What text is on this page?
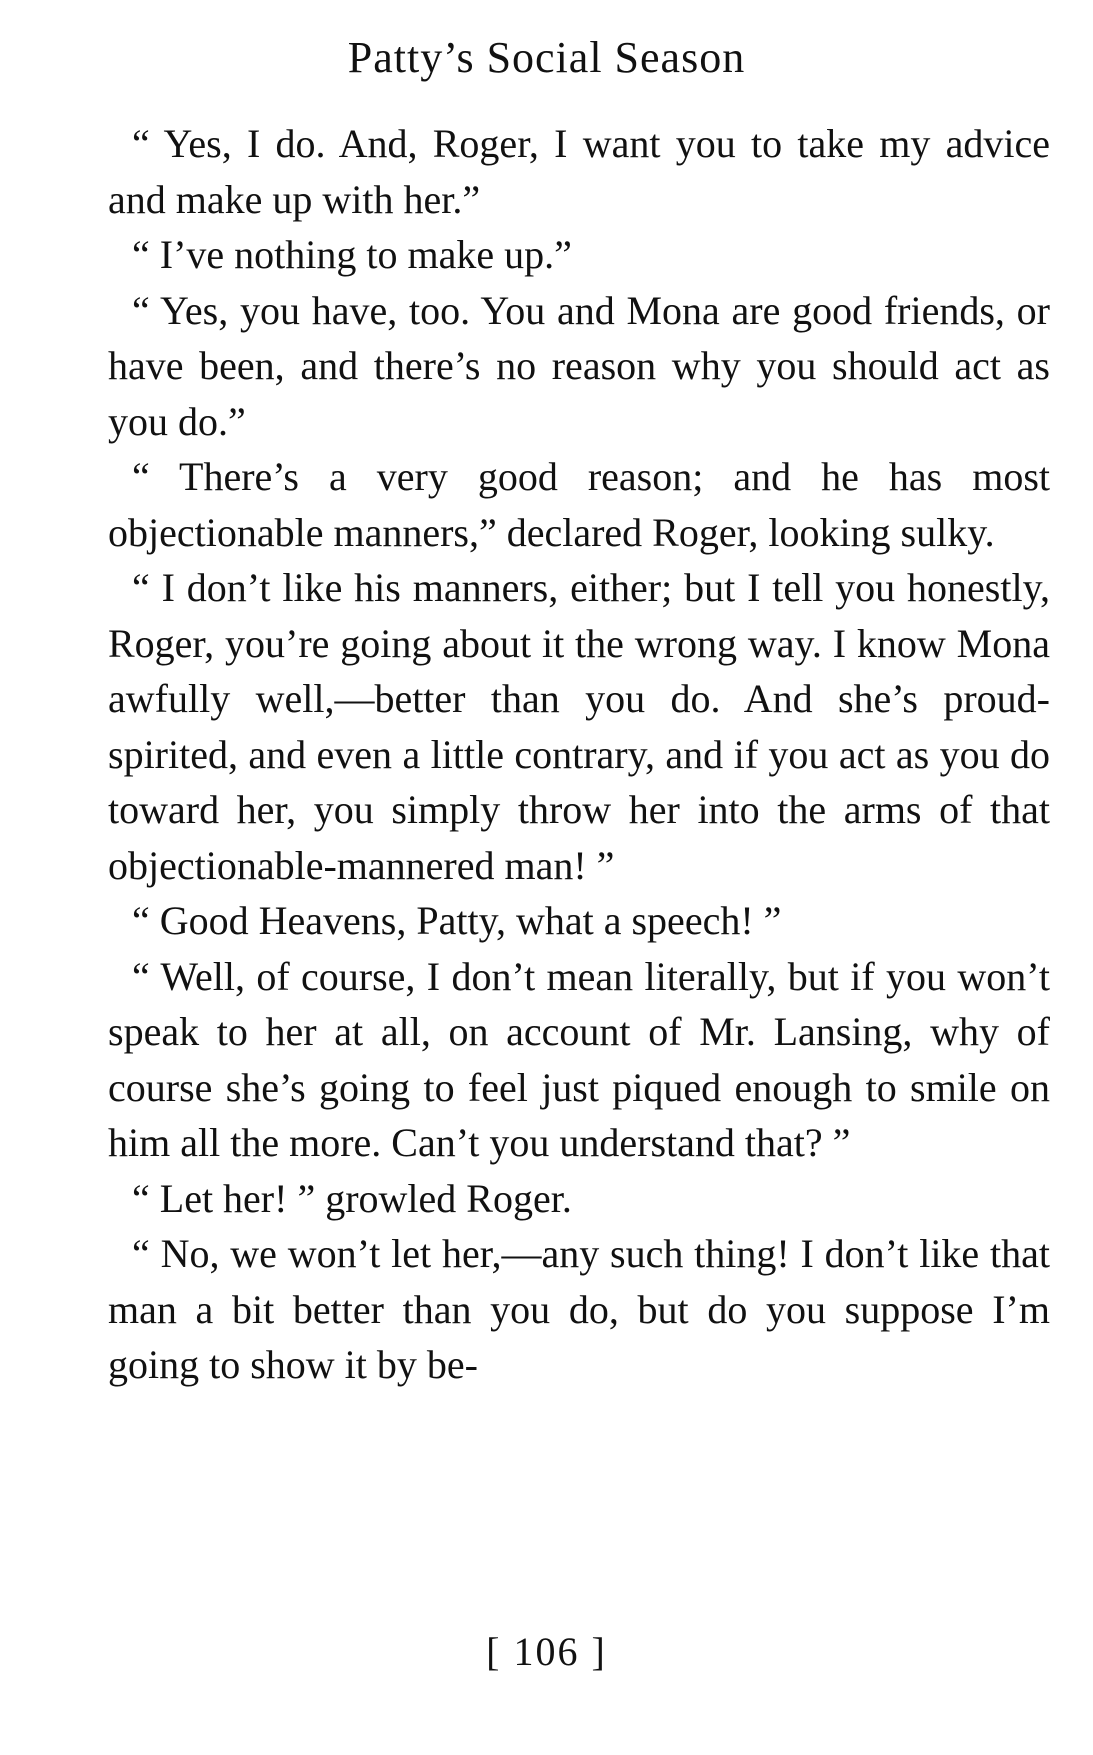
Patty’s Social Season

“ Yes, I do. And, Roger, I want you to take my advice and make up with her.”

“ I’ve nothing to make up.”

“ Yes, you have, too. You and Mona are good friends, or have been, and there’s no reason why you should act as you do.”

“ There’s a very good reason; and he has most objectionable manners,” declared Roger, looking sulky.

“ I don’t like his manners, either; but I tell you honestly, Roger, you’re going about it the wrong way. I know Mona awfully well,—better than you do. And she’s proud-spirited, and even a little contrary, and if you act as you do toward her, you simply throw her into the arms of that objectionable-mannered man! ”

“ Good Heavens, Patty, what a speech! ”

“ Well, of course, I don’t mean literally, but if you won’t speak to her at all, on account of Mr. Lansing, why of course she’s going to feel just piqued enough to smile on him all the more. Can’t you understand that? ”

“ Let her! ” growled Roger.

“ No, we won’t let her,—any such thing! I don’t like that man a bit better than you do, but do you suppose I’m going to show it by be-

[ 106 ]
